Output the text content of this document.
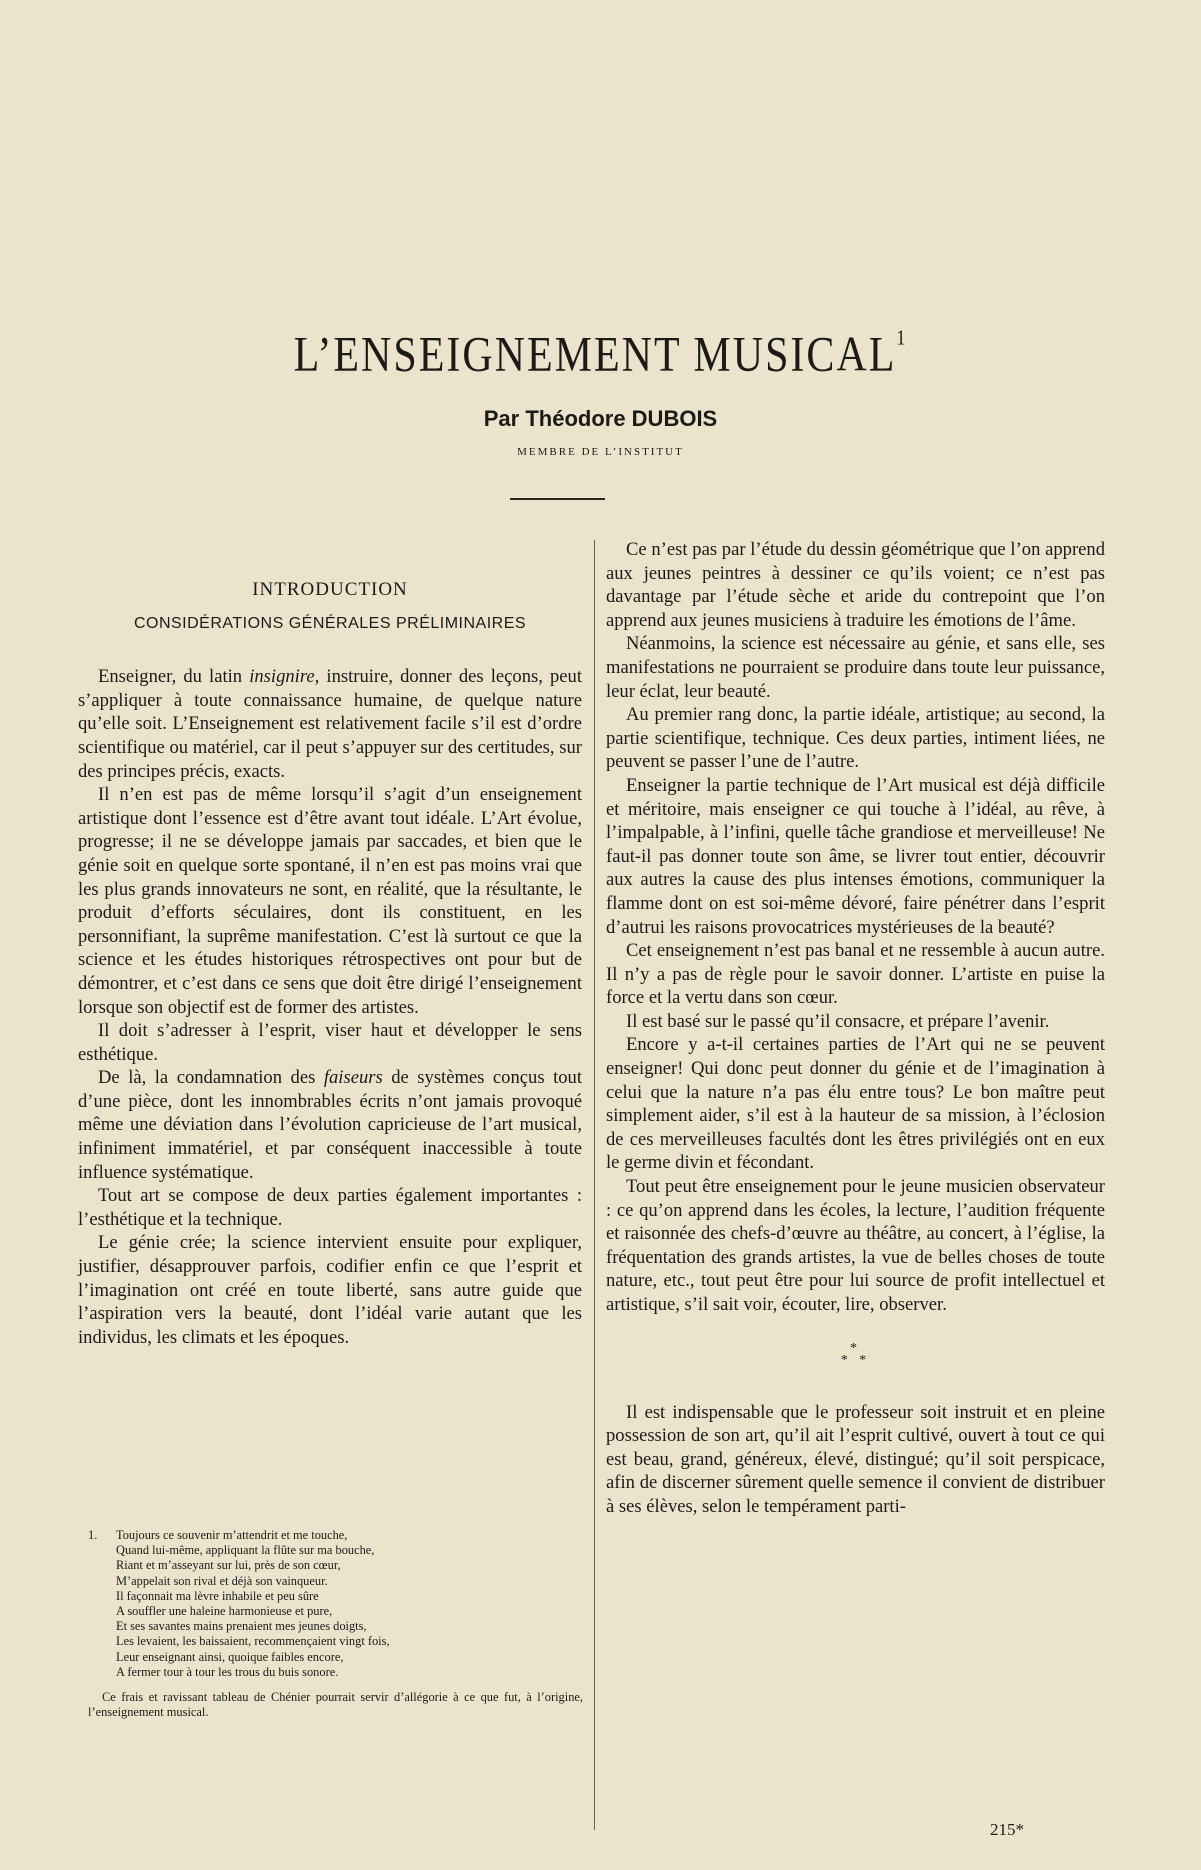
L’ENSEIGNEMENT MUSICAL$^1$
Par Théodore DUBOIS
MEMBRE DE L’INSTITUT
INTRODUCTION
CONSIDÉRATIONS GÉNÉRALES PRÉLIMINAIRES

Enseigner, du latin insignire, instruire, donner des leçons, peut s’appliquer à toute connaissance humaine, de quelque nature qu’elle soit. L’Enseignement est relativement facile s’il est d’ordre scientifique ou matériel, car il peut s’appuyer sur des certitudes, sur des principes précis, exacts.

Il n’en est pas de même lorsqu’il s’agit d’un enseignement artistique dont l’essence est d’être avant tout idéale. L’Art évolue, progresse; il ne se développe jamais par saccades, et bien que le génie soit en quelque sorte spontané, il n’en est pas moins vrai que les plus grands innovateurs ne sont, en réalité, que la résultante, le produit d’efforts séculaires, dont ils constituent, en les personnifiant, la suprême manifestation. C’est là surtout ce que la science et les études historiques rétrospectives ont pour but de démontrer, et c’est dans ce sens que doit être dirigé l’enseignement lorsque son objectif est de former des artistes.

Il doit s’adresser à l’esprit, viser haut et développer le sens esthétique.

De là, la condamnation des faiseurs de systèmes conçus tout d’une pièce, dont les innombrables écrits n’ont jamais provoqué même une déviation dans l’évolution capricieuse de l’art musical, infiniment immatériel, et par conséquent inaccessible à toute influence systématique.

Tout art se compose de deux parties également importantes : l’esthétique et la technique.

Le génie crée; la science intervient ensuite pour expliquer, justifier, désapprouver parfois, codifier enfin ce que l’esprit et l’imagination ont créé en toute liberté, sans autre guide que l’aspiration vers la beauté, dont l’idéal varie autant que les individus, les climats et les époques.

1. Toujours ce souvenir m’attendrit et me touche,
Quand lui-même, appliquant la flûte sur ma bouche,
Riant et m’asseyant sur lui, près de son cœur,
M’appelait son rival et déjà son vainqueur.
Il façonnait ma lèvre inhabile et peu sûre
A souffler une haleine harmonieuse et pure,
Et ses savantes mains prenaient mes jeunes doigts,
Les levaient, les baissaient, recommençaient vingt fois,
Leur enseignant ainsi, quoique faibles encore,
A fermer tour à tour les trous du buis sonore.
Ce frais et ravissant tableau de Chénier pourrait servir d’allégorie à ce que fut, à l’origine, l’enseignement musical.

Ce n’est pas par l’étude du dessin géométrique que l’on apprend aux jeunes peintres à dessiner ce qu’ils voient; ce n’est pas davantage par l’étude sèche et aride du contrepoint que l’on apprend aux jeunes musiciens à traduire les émotions de l’âme.

Néanmoins, la science est nécessaire au génie, et sans elle, ses manifestations ne pourraient se produire dans toute leur puissance, leur éclat, leur beauté.

Au premier rang donc, la partie idéale, artistique; au second, la partie scientifique, technique. Ces deux parties, intiment liées, ne peuvent se passer l’une de l’autre.

Enseigner la partie technique de l’Art musical est déjà difficile et méritoire, mais enseigner ce qui touche à l’idéal, au rêve, à l’impalpable, à l’infini, quelle tâche grandiose et merveilleuse! Ne faut-il pas donner toute son âme, se livrer tout entier, découvrir aux autres la cause des plus intenses émotions, communiquer la flamme dont on est soi-même dévoré, faire pénétrer dans l’esprit d’autrui les raisons provocatrices mystérieuses de la beauté?

Cet enseignement n’est pas banal et ne ressemble à aucun autre. Il n’y a pas de règle pour le savoir donner. L’artiste en puise la force et la vertu dans son cœur.

Il est basé sur le passé qu’il consacre, et prépare l’avenir.

Encore y a-t-il certaines parties de l’Art qui ne se peuvent enseigner! Qui donc peut donner du génie et de l’imagination à celui que la nature n’a pas élu entre tous? Le bon maître peut simplement aider, s’il est à la hauteur de sa mission, à l’éclosion de ces merveilleuses facultés dont les êtres privilégiés ont en eux le germe divin et fécondant.

Tout peut être enseignement pour le jeune musicien observateur : ce qu’on apprend dans les écoles, la lecture, l’audition fréquente et raisonnée des chefs-d’œuvre au théâtre, au concert, à l’église, la fréquentation des grands artistes, la vue de belles choses de toute nature, etc., tout peut être pour lui source de profit intellectuel et artistique, s’il sait voir, écouter, lire, observer.

*
* *

Il est indispensable que le professeur soit instruit et en pleine possession de son art, qu’il ait l’esprit cultivé, ouvert à tout ce qui est beau, grand, généreux, élevé, distingué; qu’il soit perspicace, afin de discerner sûrement quelle semence il convient de distribuer à ses élèves, selon le tempérament parti-

215*
